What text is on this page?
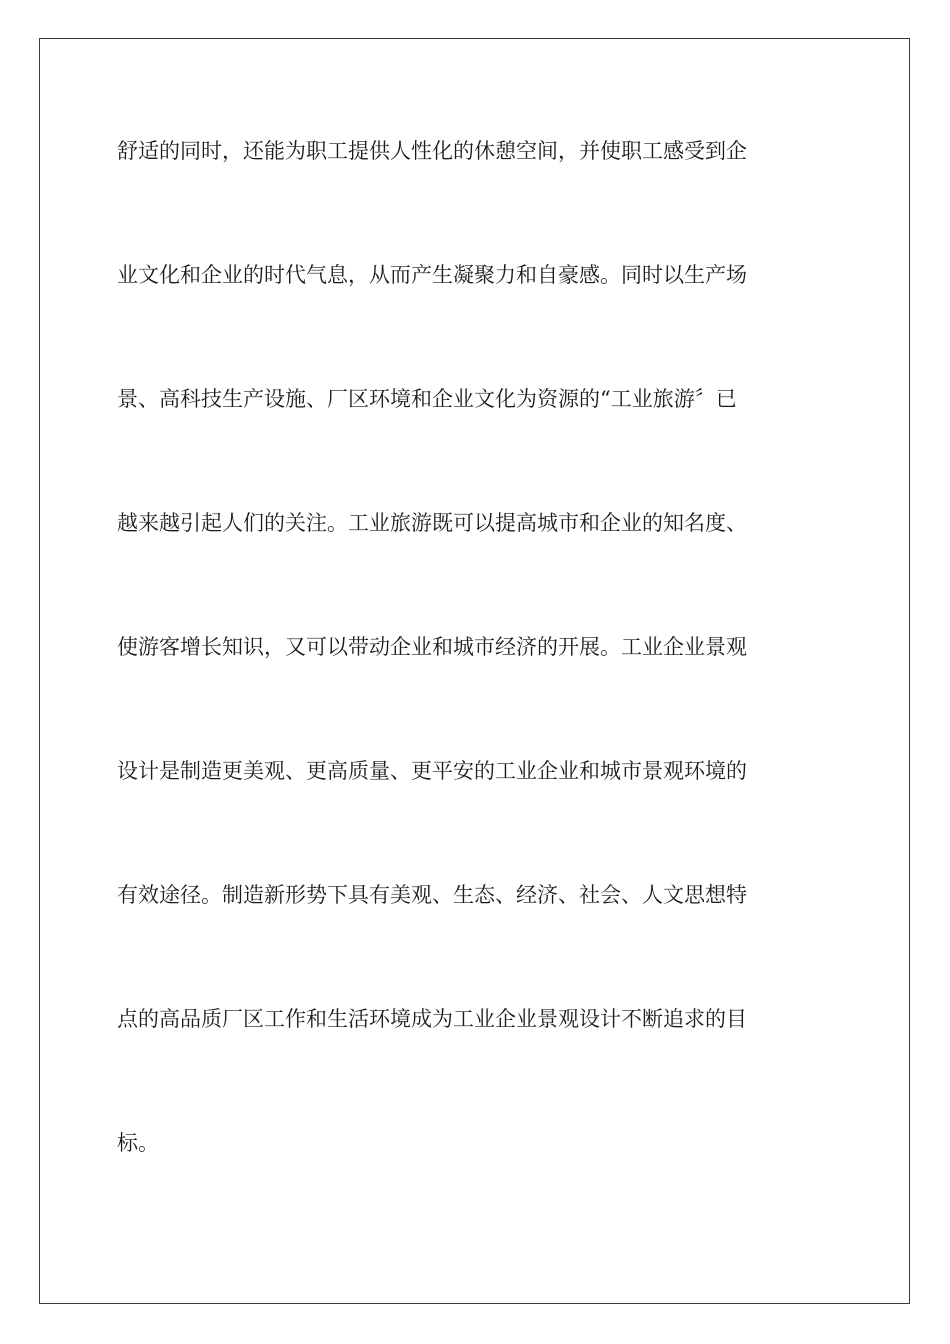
舒适的同时，还能为职工提供人性化的休憩空间，并使职工感受到企

业文化和企业的时代气息，从而产生凝聚力和自豪感。同时以生产场

景、高科技生产设施、厂区环境和企业文化为资源的“工业旅游〞已

越来越引起人们的关注。工业旅游既可以提高城市和企业的知名度、

使游客增长知识，又可以带动企业和城市经济的开展。工业企业景观

设计是制造更美观、更高质量、更平安的工业企业和城市景观环境的

有效途径。制造新形势下具有美观、生态、经济、社会、人文思想特

点的高品质厂区工作和生活环境成为工业企业景观设计不断追求的目

标。
